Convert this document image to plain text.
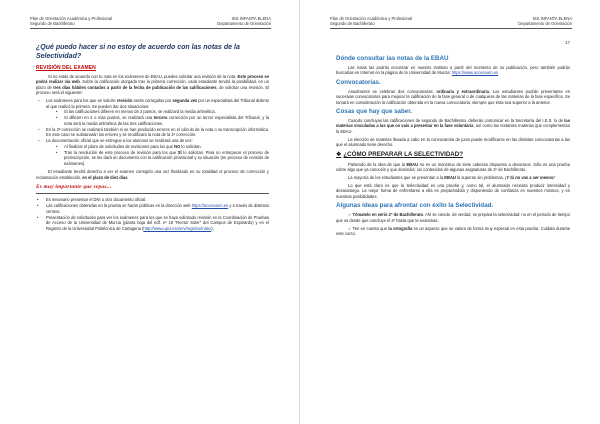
Plan de Orientación Académica y Profesional
Segundo de Bachillerato
IES INFANTA ELENA
Departamento de Orientación
¿Qué puedo hacer si no estoy de acuerdo con las notas de la Selectividad?
REVISIÓN DEL EXAMEN

Si no estás de acuerdo con tu nota en los exámenes de EBAU, puedes solicitar una revisión de la nota. Este proceso se podrá realizar vía web. Sobre la calificación otorgada tras la primera corrección, cada estudiante tendrá la posibilidad, en un plazo de tres días hábiles contados a partir de la fecha de publicación de las calificaciones, de solicitar una revisión. El proceso será el siguiente:

– Los exámenes para los que se solicite revisión serán corregidos por segunda vez por un especialista del Tribunal distinto al que realizó la primera. Se pueden dar dos situaciones:
• Si las calificaciones difieren en menos de 2 puntos, se realizará la media aritmética.
• Si difieren en 2 o más puntos, se realizará una tercera corrección por un tercer especialista del Tribunal, y la nota será la media aritmética de las tres calificaciones.
– En la 2ª corrección se realizará también si se han producido errores en el cálculo de la nota o su transcripción informática. En este caso se subsanarán los errores y se modificará la nota de la 1ª corrección.
– La documentación oficial que se entregue a los alumnos se realizará una de vez:
• Al finalizar el plazo de solicitudes de revisiones para los que NO lo solicitan.
• Tras la resolución de este proceso de revisión para los que SÍ lo solicitan. Para no entorpecer el proceso de preinscripción, se les dará un documento con la calificación provisional y su situación (en proceso de revisión de exámenes).

El estudiante tendrá derecho a ver el examen corregido una vez finalizado en su totalidad el proceso de corrección y reclamación establecido, en el plazo de diez días.

Es muy importante que sepas...
• Es necesario presentar el DNI u otro documento oficial.
• Las calificaciones obtenidas en la prueba se harán públicas en la dirección web https://accesoum.es y a través de distintos centros.
• Presentación de solicitudes para ver los exámenes para los que se haya solicitado revisión en la Coordinación de Pruebas de Acceso de la Universidad de Murcia (planta baja del edf. nº 18 "Rector Soler" del Campus de Espinardo) y en el Registro de la Universidad Politécnica de Cartagena (http://www.upct.es/serv/registro/index).
Plan de Orientación Académica y Profesional
Segundo de Bachillerato
IES INFANTA ELENA
Departamento de Orientación
17
Dónde consultar las notas de la EBAU

Las notas las podrás encontrar en nuestro Instituto a partir del momento de su publicación, pero también podrás buscarlas en Internet en la página de la Universidad de Murcia: https://www.accesoum.es

Convocatorias.

Anualmente se celebran dos convocatorias: ordinaria y extraordinaria. Los estudiantes podrán presentarse en sucesivas convocatorias para mejorar la calificación de la fase general o de cualquiera de las materias de la fase específica. Se tomará en consideración la calificación obtenida en la nueva convocatoria, siempre que ésta sea superior a la anterior.

Cosas que hay que saber.

Cuando concluyas las calificaciones de segundo de Bachillerato, deberás comunicar en la Secretaría del I.E.S. lo de las materias vinculadas a las que os vais a presentar en la fase voluntaria, así como las restantes materias que complementan la EBAU.

La elección de materias llevada a cabo en la convocatoria de junio puede modificarse en las distintas convocatorias a las que el alumnado tiene derecho.

❖ ¿CÓMO PREPARAR LA SELECTIVIDAD?

Partiendo de la idea de que la EBAU no es un monstruo de siete cabezas dispuesto a devoraros. Sólo es una prueba sobre algo que ya conocéis y que domináis: los contenidos de algunas asignaturas de 2º de Bachillerato.

La mayoría de los estudiantes que se presentan a la EBAU la superan sin problemas, ¡Y tú no vas a ser menos!

Lo que está claro es que la Selectividad es una prueba y, como tal, el alumnado necesita producir intensidad y desasosiego. La mejor forma de enfrentarse a ella es preparándola y disponiendo de confianza en nuestros mismos, y en nuestras posibilidades.

Algunas ideas para afrontar con éxito la Selectividad.

✓Tómatelo en serio 2º de Bachillerato. Ahí se ciende, de verdad, se prepara la selectividad: no en el periodo de tiempo que va desde que concluye el 2º hasta que te examinas.

✓Ten en cuenta que la ortografía es un aspecto que se valora de forma muy especial en esta prueba. Cuídala durante este curso.
